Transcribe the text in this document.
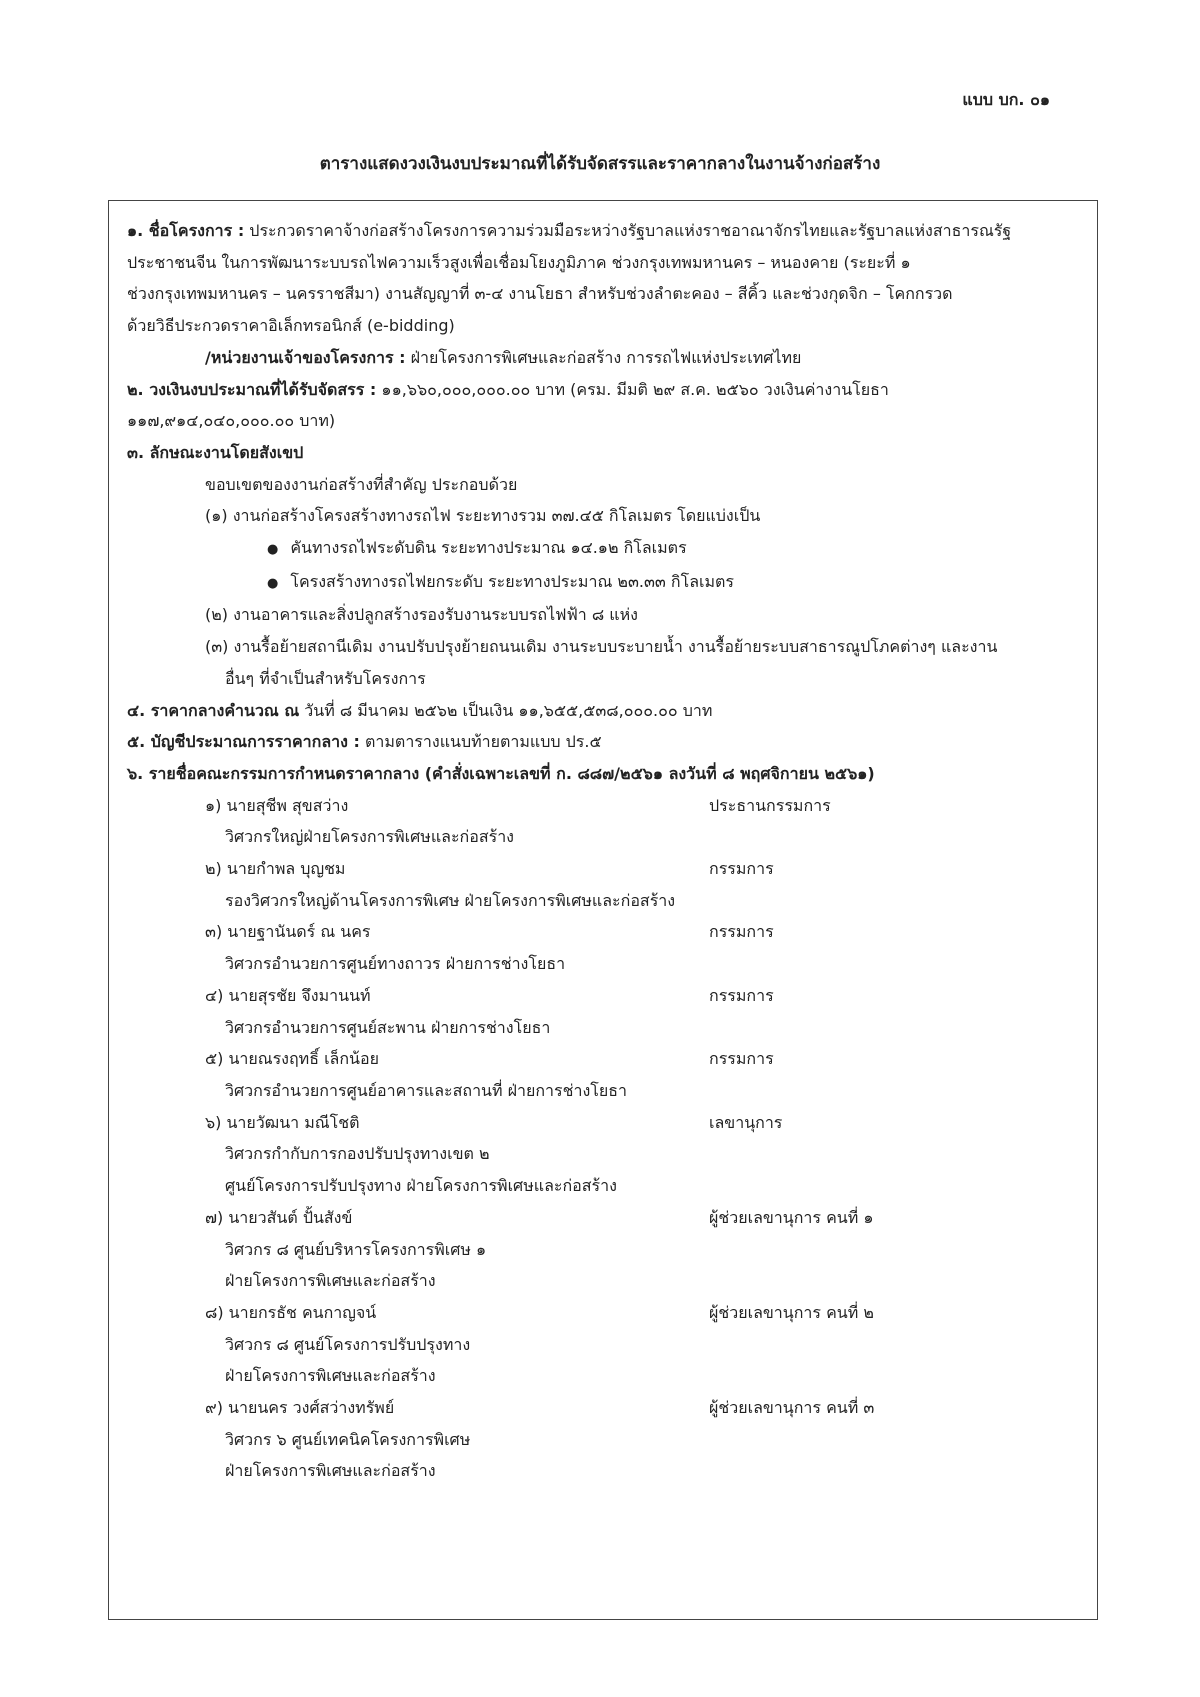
แบบ บก. ๐๑
ตารางแสดงวงเงินงบประมาณที่ได้รับจัดสรรและราคากลางในงานจ้างก่อสร้าง
๑. ชื่อโครงการ : ประกวดราคาจ้างก่อสร้างโครงการความร่วมมือระหว่างรัฐบาลแห่งราชอาณาจักรไทยและรัฐบาลแห่งสาธารณรัฐ
ประชาชนจีน ในการพัฒนาระบบรถไฟความเร็วสูงเพื่อเชื่อมโยงภูมิภาค ช่วงกรุงเทพมหานคร – หนองคาย (ระยะที่ ๑
ช่วงกรุงเทพมหานคร – นครราชสีมา) งานสัญญาที่ ๓-๔ งานโยธา สำหรับช่วงลำตะคอง – สีคิ้ว และช่วงกุดจิก – โคกกรวด
ด้วยวิธีประกวดราคาอิเล็กทรอนิกส์ (e-bidding)
/หน่วยงานเจ้าของโครงการ : ฝ่ายโครงการพิเศษและก่อสร้าง การรถไฟแห่งประเทศไทย
๒. วงเงินงบประมาณที่ได้รับจัดสรร : ๑๑,๖๖๐,๐๐๐,๐๐๐.๐๐ บาท (ครม. มีมติ ๒๙ ส.ค. ๒๕๖๐ วงเงินค่างานโยธา
๑๑๗,๙๑๔,๐๔๐,๐๐๐.๐๐ บาท)
๓. ลักษณะงานโดยสังเขป
ขอบเขตของงานก่อสร้างที่สำคัญ ประกอบด้วย
(๑) งานก่อสร้างโครงสร้างทางรถไฟ ระยะทางรวม ๓๗.๔๕ กิโลเมตร โดยแบ่งเป็น
● คันทางรถไฟระดับดิน ระยะทางประมาณ ๑๔.๑๒ กิโลเมตร
● โครงสร้างทางรถไฟยกระดับ ระยะทางประมาณ ๒๓.๓๓ กิโลเมตร
(๒) งานอาคารและสิ่งปลูกสร้างรองรับงานระบบรถไฟฟ้า ๘ แห่ง
(๓) งานรื้อย้ายสถานีเดิม งานปรับปรุงย้ายถนนเดิม งานระบบระบายน้ำ งานรื้อย้ายระบบสาธารณูปโภคต่างๆ และงาน
อื่นๆ ที่จำเป็นสำหรับโครงการ
๔. ราคากลางคำนวณ ณ วันที่ ๘ มีนาคม ๒๕๖๒ เป็นเงิน ๑๑,๖๕๕,๕๓๘,๐๐๐.๐๐ บาท
๕. บัญชีประมาณการราคากลาง : ตามตารางแนบท้ายตามแบบ ปร.๕
๖. รายชื่อคณะกรรมการกำหนดราคากลาง (คำสั่งเฉพาะเลขที่ ก. ๘๘๗/๒๕๖๑ ลงวันที่ ๘ พฤศจิกายน ๒๕๖๑)
๑) นายสุชีพ สุขสว่าง	ประธานกรรมการ
วิศวกรใหญ่ฝ่ายโครงการพิเศษและก่อสร้าง
๒) นายกำพล บุญชม	กรรมการ
รองวิศวกรใหญ่ด้านโครงการพิเศษ ฝ่ายโครงการพิเศษและก่อสร้าง
๓) นายฐานันดร์ ณ นคร	กรรมการ
วิศวกรอำนวยการศูนย์ทางถาวร ฝ่ายการช่างโยธา
๔) นายสุรชัย จึงมานนท์	กรรมการ
วิศวกรอำนวยการศูนย์สะพาน ฝ่ายการช่างโยธา
๕) นายณรงฤทธิ์ เล็กน้อย	กรรมการ
วิศวกรอำนวยการศูนย์อาคารและสถานที่ ฝ่ายการช่างโยธา
๖) นายวัฒนา มณีโชติ	เลขานุการ
วิศวกรกำกับการกองปรับปรุงทางเขต ๒
ศูนย์โครงการปรับปรุงทาง ฝ่ายโครงการพิเศษและก่อสร้าง
๗) นายวสันต์ ปั้นสังข์	ผู้ช่วยเลขานุการ คนที่ ๑
วิศวกร ๘ ศูนย์บริหารโครงการพิเศษ ๑
ฝ่ายโครงการพิเศษและก่อสร้าง
๘) นายกรธัช คนกาญจน์	ผู้ช่วยเลขานุการ คนที่ ๒
วิศวกร ๘ ศูนย์โครงการปรับปรุงทาง
ฝ่ายโครงการพิเศษและก่อสร้าง
๙) นายนคร วงศ์สว่างทรัพย์	ผู้ช่วยเลขานุการ คนที่ ๓
วิศวกร ๖ ศูนย์เทคนิคโครงการพิเศษ
ฝ่ายโครงการพิเศษและก่อสร้าง
